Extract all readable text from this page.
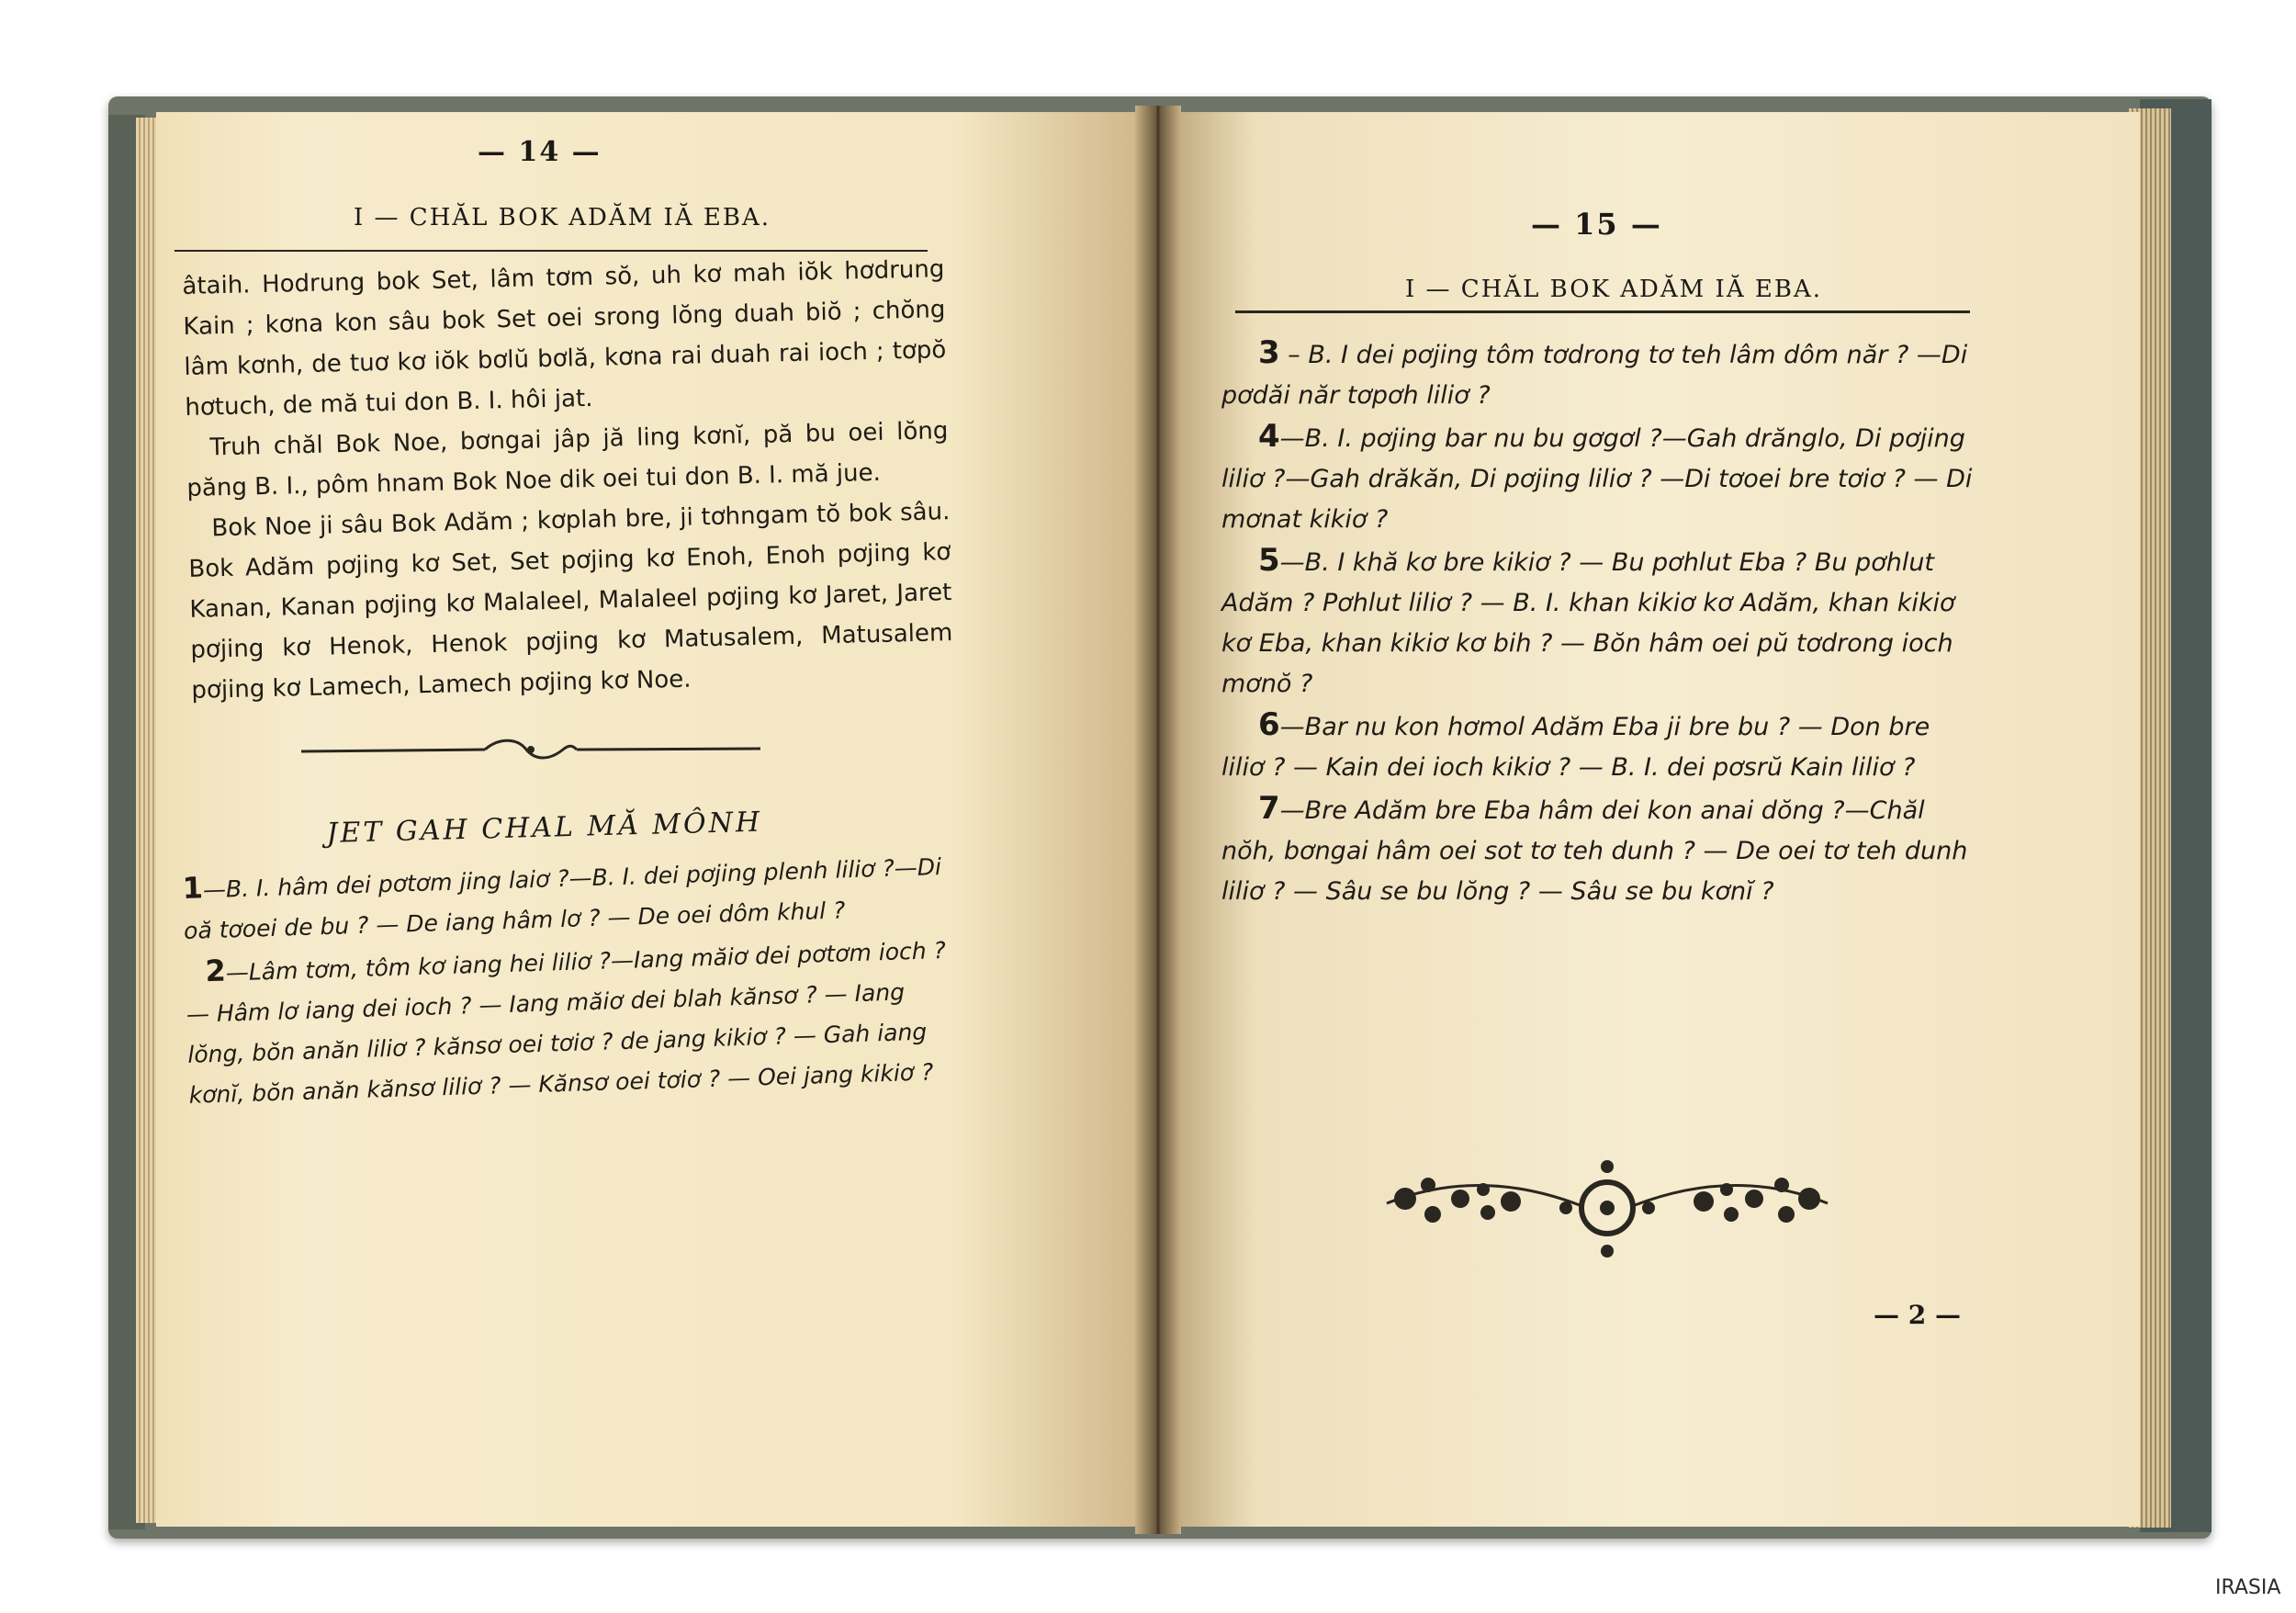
— 14 —
I — CHĂL BOK ADĂM IĂ EBA.

âtaih. Hodrung bok Set, lâm tơm sŏ, uh kơ mah iŏk hơdrung Kain ; kơna kon sâu bok Set oei srong lŏng duah biŏ ; chŏng lâm kơnh, de tuơ kơ iŏk bơlŭ bơlă, kơna rai duah rai ioch ; tơpŏ hơtuch, de mă tui don B. I. hôi jat.

Truh chăl Bok Noe, bơngai jâp jă ling kơnĭ, pă bu oei lŏng păng B. I., pôm hnam Bok Noe dik oei tui don B. I. mă jue.

Bok Noe ji sâu Bok Adăm ; kơplah bre, ji tơhngam tŏ bok sâu. Bok Adăm pơjing kơ Set, Set pơjing kơ Enoh, Enoh pơjing kơ Kanan, Kanan pơjing kơ Malaleel, Malaleel pơjing kơ Jaret, Jaret pơjing kơ Henok, Henok pơjing kơ Matusalem, Matusalem pơjing kơ Lamech, Lamech pơjing kơ Noe.

JET GAH CHAL MĂ MÔNH

1—B. I. hâm dei pơtơm jing laiơ ?—B. I. dei pơjing plenh liliơ ?—Di oă tơoei de bu ? — De iang hâm lơ ? — De oei dôm khul ?

2—Lâm tơm, tôm kơ iang hei liliơ ?—Iang măiơ dei pơtơm ioch ? — Hâm lơ iang dei ioch ? — Iang măiơ dei blah kănsơ ? — Iang lŏng, bŏn anăn liliơ ? kănsơ oei tơiơ ? de jang kikiơ ? — Gah iang kơnĭ, bŏn anăn kănsơ liliơ ? — Kănsơ oei tơiơ ? — Oei jang kikiơ ?

— 15 —
I — CHĂL BOK ADĂM IĂ EBA.

3 – B. I dei pơjing tôm tơdrong tơ teh lâm dôm năr ? —Di pơdăi năr tơpơh liliơ ?

4—B. I. pơjing bar nu bu gơgơl ?—Gah drănglo, Di pơjing liliơ ?—Gah drăkăn, Di pơjing liliơ ? —Di tơoei bre tơiơ ? — Di mơnat kikiơ ?

5—B. I khă kơ bre kikiơ ? — Bu pơhlut Eba ? Bu pơhlut Adăm ? Pơhlut liliơ ? — B. I. khan kikiơ kơ Adăm, khan kikiơ kơ Eba, khan kikiơ kơ bih ? — Bŏn hâm oei pŭ tơdrong ioch mơnŏ ?

6—Bar nu kon hơmol Adăm Eba ji bre bu ? — Don bre liliơ ? — Kain dei ioch kikiơ ? — B. I. dei pơsrŭ Kain liliơ ?

7—Bre Adăm bre Eba hâm dei kon anai dŏng ?—Chăl nŏh, bơngai hâm oei sot tơ teh dunh ? — De oei tơ teh dunh liliơ ? — Sâu se bu lŏng ? — Sâu se bu kơnĭ ?

— 2 —
IRASIA
